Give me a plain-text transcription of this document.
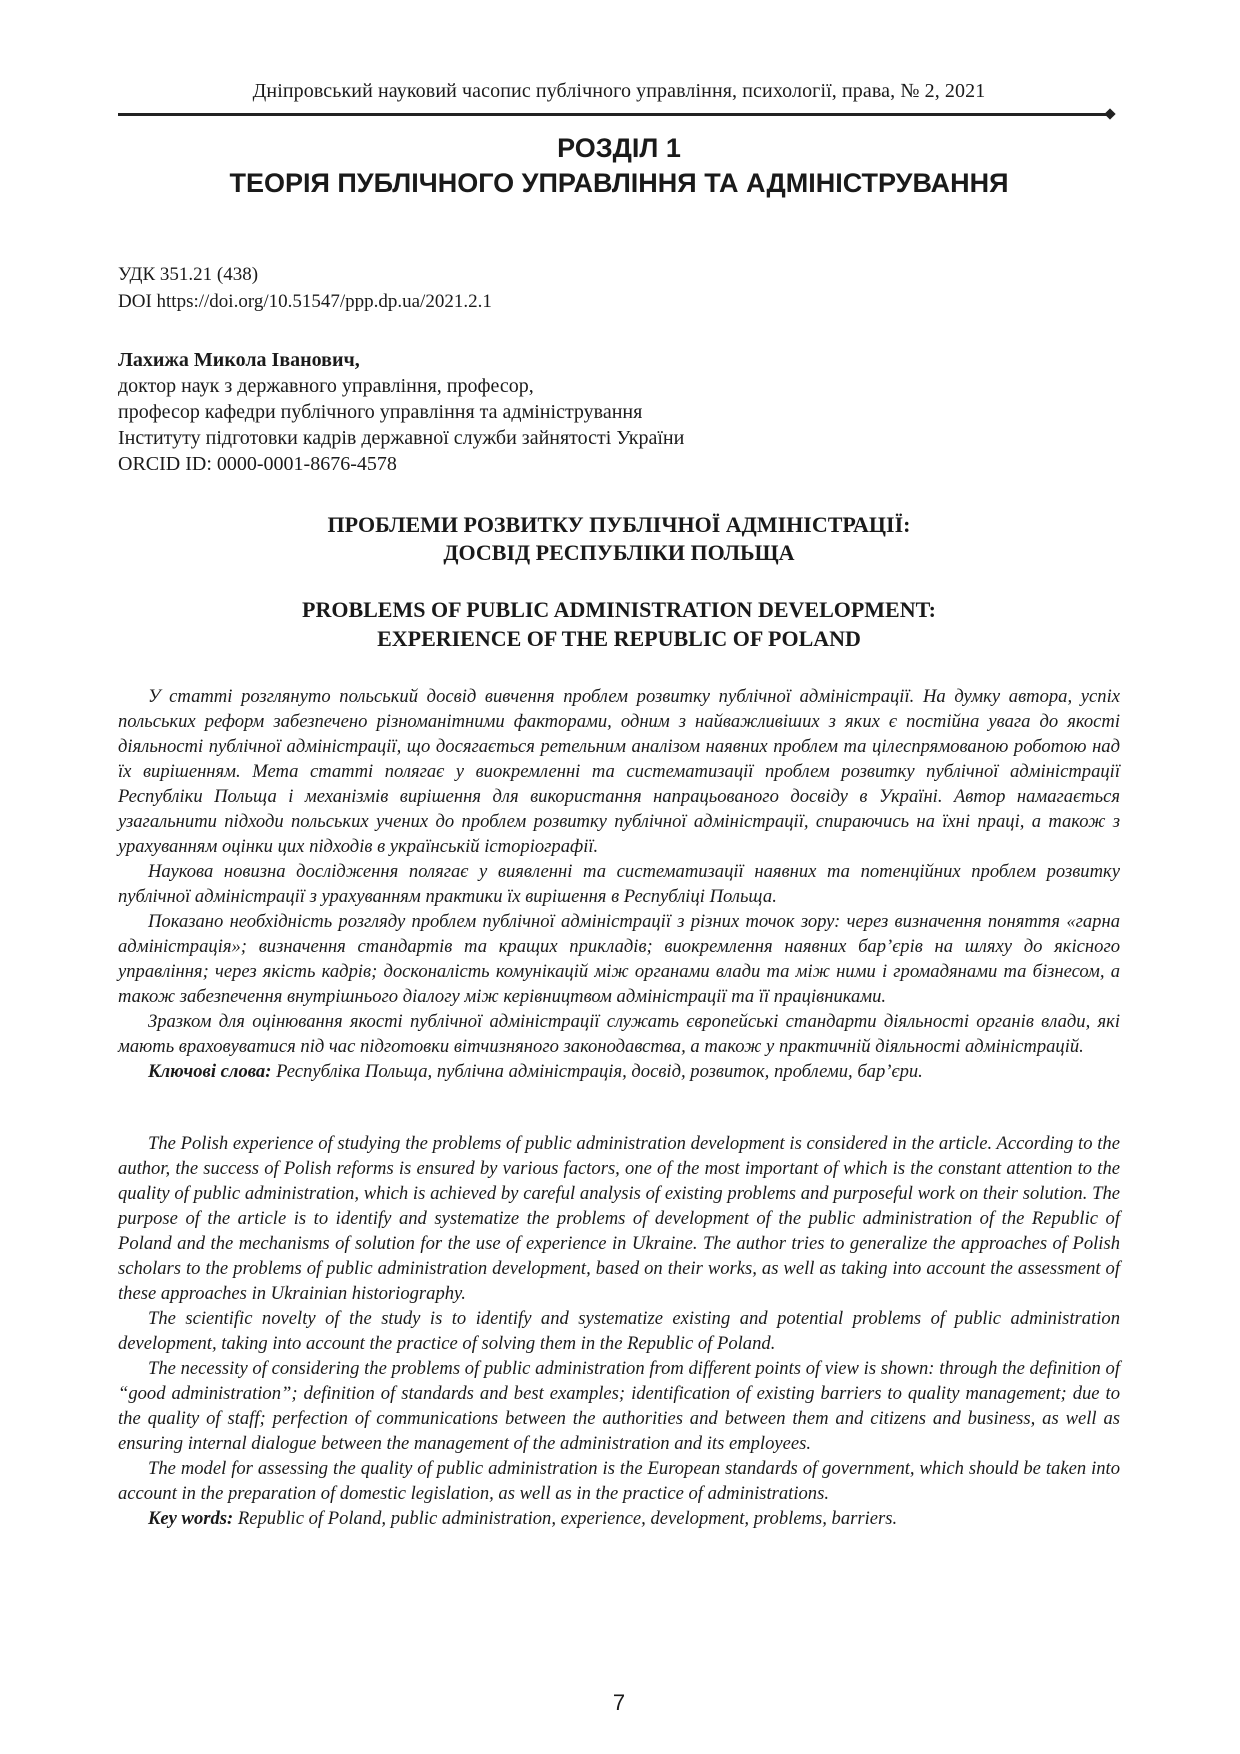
Дніпровський науковий часопис публічного управління, психології, права, № 2, 2021
РОЗДІЛ 1
ТЕОРІЯ ПУБЛІЧНОГО УПРАВЛІННЯ ТА АДМІНІСТРУВАННЯ
УДК 351.21 (438)
DOI https://doi.org/10.51547/ppp.dp.ua/2021.2.1
Лахижа Микола Іванович,
доктор наук з державного управління, професор,
професор кафедри публічного управління та адміністрування
Інституту підготовки кадрів державної служби зайнятості України
ORCID ID: 0000-0001-8676-4578
ПРОБЛЕМИ РОЗВИТКУ ПУБЛІЧНОЇ АДМІНІСТРАЦІЇ:
ДОСВІД РЕСПУБЛІКИ ПОЛЬЩА
PROBLEMS OF PUBLIC ADMINISTRATION DEVELOPMENT:
EXPERIENCE OF THE REPUBLIC OF POLAND

У статті розглянуто польський досвід вивчення проблем розвитку публічної адміністрації. На думку автора, успіх польських реформ забезпечено різноманітними факторами, одним з найважливіших з яких є постійна увага до якості діяльності публічної адміністрації, що досягається ретельним аналізом наявних проблем та цілеспрямованою роботою над їх вирішенням. Мета статті полягає у виокремленні та систематизації проблем розвитку публічної адміністрації Республіки Польща і механізмів вирішення для використання напрацьованого досвіду в Україні. Автор намагається узагальнити підходи польських учених до проблем розвитку публічної адміністрації, спираючись на їхні праці, а також з урахуванням оцінки цих підходів в українській історіографії.

Наукова новизна дослідження полягає у виявленні та систематизації наявних та потенційних проблем розвитку публічної адміністрації з урахуванням практики їх вирішення в Республіці Польща.

Показано необхідність розгляду проблем публічної адміністрації з різних точок зору: через визначення поняття «гарна адміністрація»; визначення стандартів та кращих прикладів; виокремлення наявних бар’єрів на шляху до якісного управління; через якість кадрів; досконалість комунікацій між органами влади та між ними і громадянами та бізнесом, а також забезпечення внутрішнього діалогу між керівництвом адміністрації та її працівниками.

Зразком для оцінювання якості публічної адміністрації служать європейські стандарти діяльності органів влади, які мають враховуватися під час підготовки вітчизняного законодавства, а також у практичній діяльності адміністрацій.

Ключові слова: Республіка Польща, публічна адміністрація, досвід, розвиток, проблеми, бар’єри.

The Polish experience of studying the problems of public administration development is considered in the article. According to the author, the success of Polish reforms is ensured by various factors, one of the most important of which is the constant attention to the quality of public administration, which is achieved by careful analysis of existing problems and purposeful work on their solution. The purpose of the article is to identify and systematize the problems of development of the public administration of the Republic of Poland and the mechanisms of solution for the use of experience in Ukraine. The author tries to generalize the approaches of Polish scholars to the problems of public administration development, based on their works, as well as taking into account the assessment of these approaches in Ukrainian historiography.

The scientific novelty of the study is to identify and systematize existing and potential problems of public administration development, taking into account the practice of solving them in the Republic of Poland.

The necessity of considering the problems of public administration from different points of view is shown: through the definition of “good administration”; definition of standards and best examples; identification of existing barriers to quality management; due to the quality of staff; perfection of communications between the authorities and between them and citizens and business, as well as ensuring internal dialogue between the management of the administration and its employees.

The model for assessing the quality of public administration is the European standards of government, which should be taken into account in the preparation of domestic legislation, as well as in the practice of administrations.

Key words: Republic of Poland, public administration, experience, development, problems, barriers.

7
